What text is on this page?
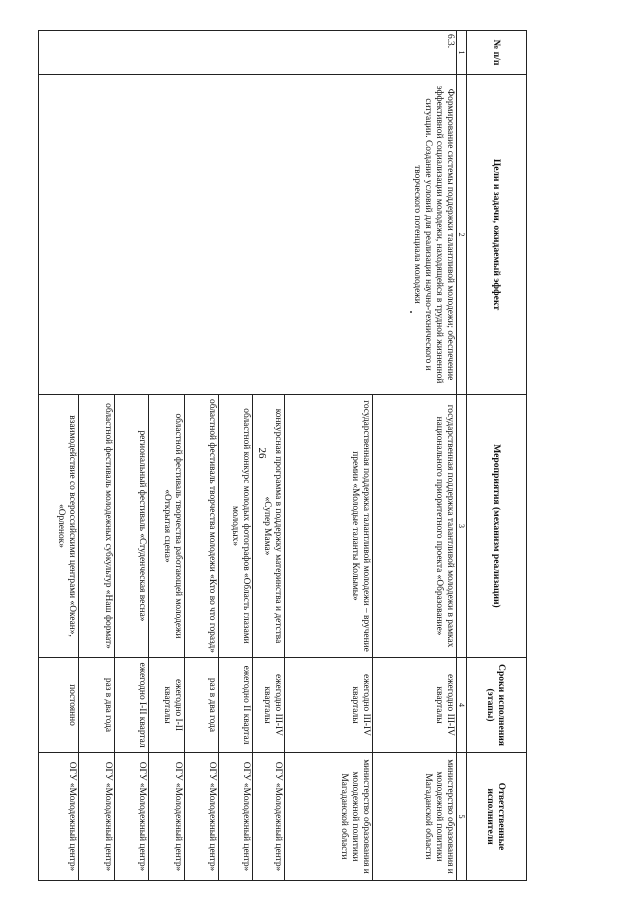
26
№ п/п	Цели и задачи, ожидаемый эффект	Мероприятия (механизм реализации)	Сроки исполнения (этапы)	Ответственные исполнители
1	2	3	4	5
6.3.	Формирование системы поддержки талантливой молодежи; обеспечение эффективной социализации молодежи, находящейся в трудной жизненной ситуации. Создание условий для реализации научно-технического и творческого потенциала молодежи	государственная поддержка талантливой молодежи в рамках национального приоритетного проекта «Образование»	ежегодно III-IV кварталы	министерство образования и молодежной политики Магаданской области
		государственная поддержка талантливой молодежи – вручение премии «Молодые таланты Колымы»	ежегодно III-IV кварталы	министерство образования и молодежной политики Магаданской области
		конкурсная программа в поддержку материнства и детства «Супер Мама»	ежегодно III-IV кварталы	ОГУ «Молодежный центр»
		областной конкурс молодых фотографов «Область глазами молодых»	ежегодно II квартал	ОГУ «Молодежный центр»
		областной фестиваль творчества молодежи «Кто во что горазд»	раз в два года	ОГУ «Молодежный центр»
		областной фестиваль творчества работающей молодежи «Открытая сцена»	ежегодно I-II кварталы	ОГУ «Молодежный центр»
		региональный фестиваль «Студенческая весна»	ежегодно I-II квартал	ОГУ «Молодежный центр»
		областной фестиваль молодежных субкультур «Наш формат»	раз в два года	ОГУ «Молодежный центр»
		взаимодействие со всероссийскими центрами «Океан», «Орленок»	постоянно	ОГУ «Молодежный центр»
